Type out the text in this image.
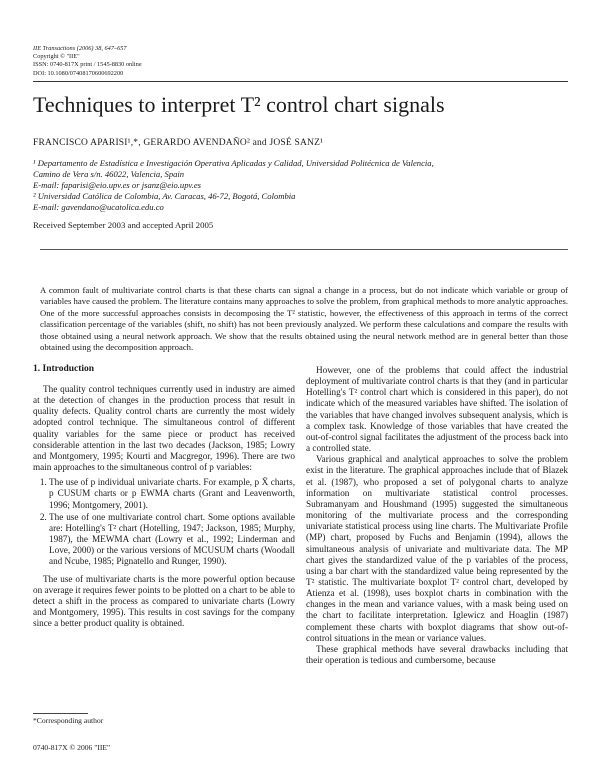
IIE Transactions (2006) 38, 647–657
Copyright © "IIE"
ISSN: 0740-817X print / 1545-8830 online
DOI: 10.1080/07408170600692200
Techniques to interpret T² control chart signals
FRANCISCO APARISI¹,*, GERARDO AVENDAÑO² and JOSÉ SANZ¹
¹ Departamento de Estadística e Investigación Operativa Aplicadas y Calidad, Universidad Politécnica de Valencia,
Camino de Vera s/n. 46022, Valencia, Spain
E-mail: faparisi@eio.upv.es or jsanz@eio.upv.es
² Universidad Católica de Colombia, Av. Caracas, 46-72, Bogotá, Colombia
E-mail: gavendano@ucatolica.edu.co
Received September 2003 and accepted April 2005

A common fault of multivariate control charts is that these charts can signal a change in a process, but do not indicate which variable or group of variables have caused the problem. The literature contains many approaches to solve the problem, from graphical methods to more analytic approaches. One of the more successful approaches consists in decomposing the T² statistic, however, the effectiveness of this approach in terms of the correct classification percentage of the variables (shift, no shift) has not been previously analyzed. We perform these calculations and compare the results with those obtained using a neural network approach. We show that the results obtained using the neural network method are in general better than those obtained using the decomposition approach.

1. Introduction

The quality control techniques currently used in industry are aimed at the detection of changes in the production process that result in quality defects. Quality control charts are currently the most widely adopted control technique. The simultaneous control of different quality variables for the same piece or product has received considerable attention in the last two decades (Jackson, 1985; Lowry and Montgomery, 1995; Kourti and Macgregor, 1996). There are two main approaches to the simultaneous control of p variables:

1. The use of p individual univariate charts. For example, p X̄ charts, p CUSUM charts or p EWMA charts (Grant and Leavenworth, 1996; Montgomery, 2001).
2. The use of one multivariate control chart. Some options available are: Hotelling's T² chart (Hotelling, 1947; Jackson, 1985; Murphy, 1987), the MEWMA chart (Lowry et al., 1992; Linderman and Love, 2000) or the various versions of MCUSUM charts (Woodall and Ncube, 1985; Pignatello and Runger, 1990).

The use of multivariate charts is the more powerful option because on average it requires fewer points to be plotted on a chart to be able to detect a shift in the process as compared to univariate charts (Lowry and Montgomery, 1995). This results in cost savings for the company since a better product quality is obtained.

However, one of the problems that could affect the industrial deployment of multivariate control charts is that they (and in particular Hotelling's T² control chart which is considered in this paper), do not indicate which of the measured variables have shifted. The isolation of the variables that have changed involves subsequent analysis, which is a complex task. Knowledge of those variables that have created the out-of-control signal facilitates the adjustment of the process back into a controlled state.

Various graphical and analytical approaches to solve the problem exist in the literature. The graphical approaches include that of Blazek et al. (1987), who proposed a set of polygonal charts to analyze information on multivariate statistical control processes. Subramanyam and Houshmand (1995) suggested the simultaneous monitoring of the multivariate process and the corresponding univariate statistical process using line charts. The Multivariate Profile (MP) chart, proposed by Fuchs and Benjamin (1994), allows the simultaneous analysis of univariate and multivariate data. The MP chart gives the standardized value of the p variables of the process, using a bar chart with the standardized value being represented by the T² statistic. The multivariate boxplot T² control chart, developed by Atienza et al. (1998), uses boxplot charts in combination with the changes in the mean and variance values, with a mask being used on the chart to facilitate interpretation. Iglewicz and Hoaglin (1987) complement these charts with boxplot diagrams that show out-of-control situations in the mean or variance values.

These graphical methods have several drawbacks including that their operation is tedious and cumbersome, because

*Corresponding author
0740-817X © 2006 "IIE"
